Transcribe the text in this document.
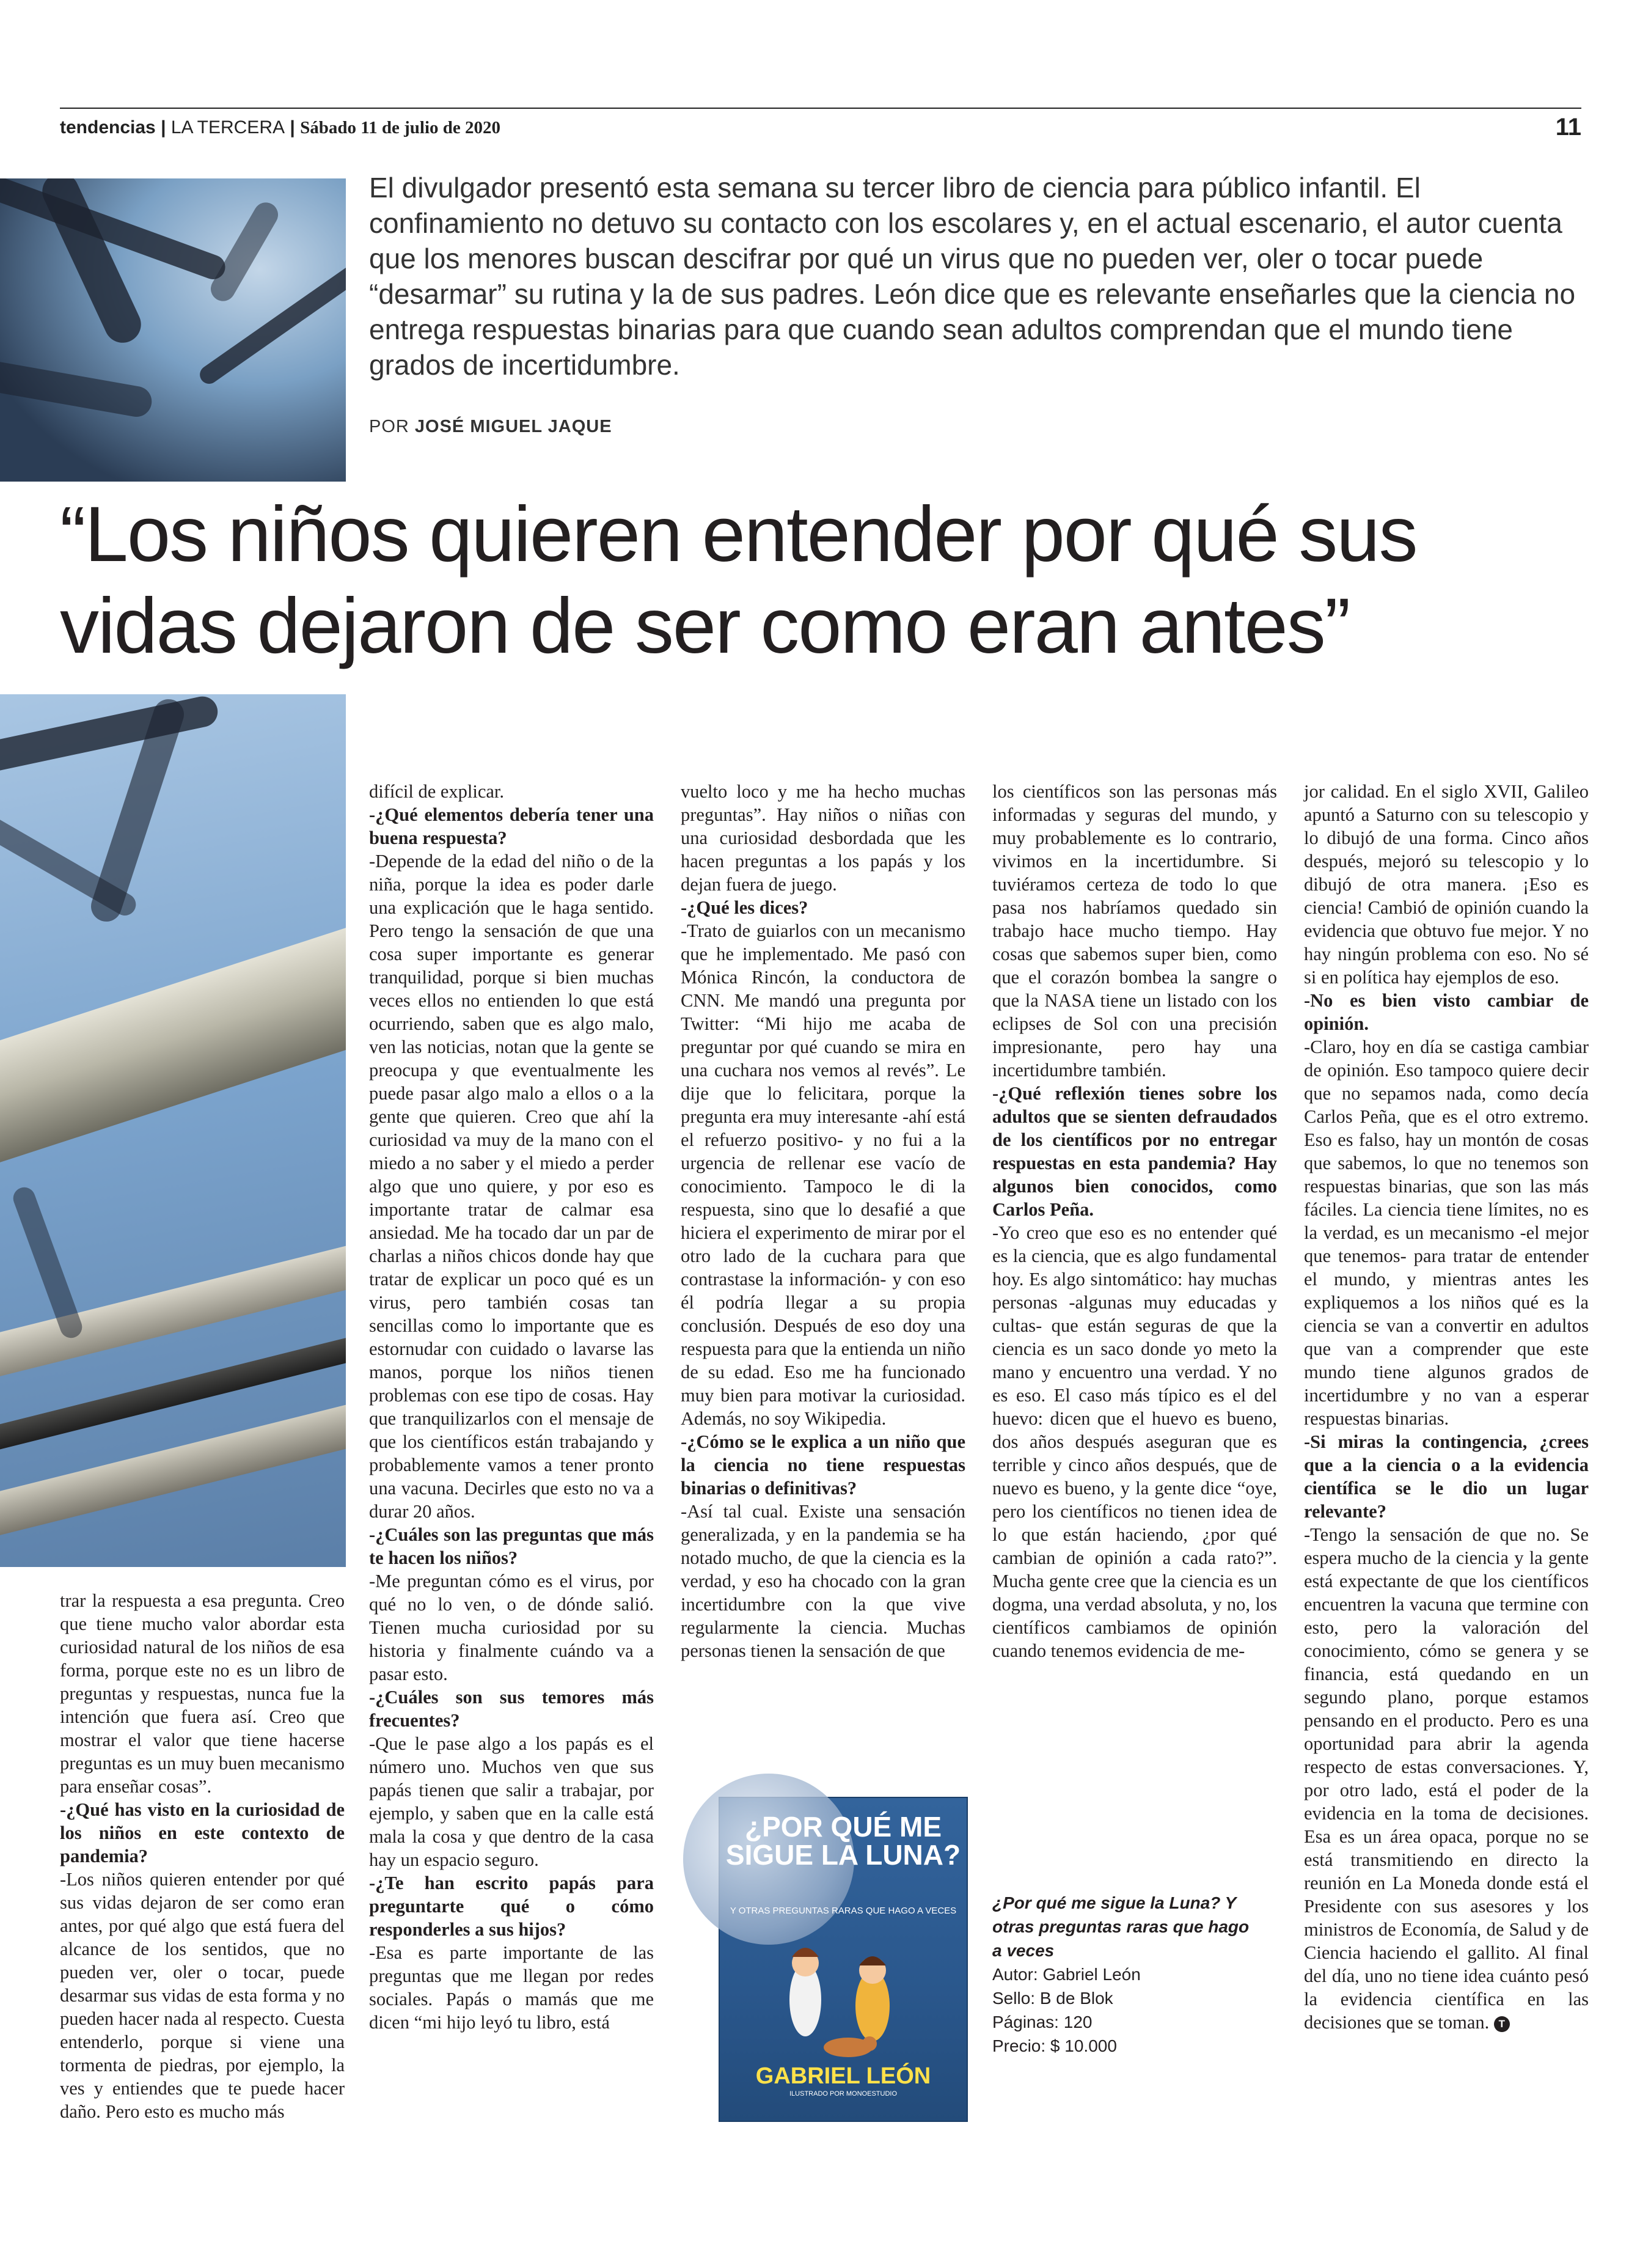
tendencias | LA TERCERA | Sábado 11 de julio de 2020	11
El divulgador presentó esta semana su tercer libro de ciencia para público infantil. El confinamiento no detuvo su contacto con los escolares y, en el actual escenario, el autor cuenta que los menores buscan descifrar por qué un virus que no pueden ver, oler o tocar puede “desarmar” su rutina y la de sus padres. León dice que es relevante enseñarles que la ciencia no entrega respuestas binarias para que cuando sean adultos comprendan que el mundo tiene grados de incertidumbre.
POR JOSÉ MIGUEL JAQUE
“Los niños quieren entender por qué sus vidas dejaron de ser como eran antes”

trar la respuesta a esa pregunta. Creo que tiene mucho valor abordar esta curiosidad natural de los niños de esa forma, porque este no es un libro de preguntas y respuestas, nunca fue la intención que fuera así. Creo que mostrar el valor que tiene hacerse preguntas es un muy buen mecanismo para enseñar cosas”.

-¿Qué has visto en la curiosidad de los niños en este contexto de pandemia?

-Los niños quieren entender por qué sus vidas dejaron de ser como eran antes, por qué algo que está fuera del alcance de los sentidos, que no pueden ver, oler o tocar, puede desarmar sus vidas de esta forma y no pueden hacer nada al respecto. Cuesta entenderlo, porque si viene una tormenta de piedras, por ejemplo, la ves y entiendes que te puede hacer daño. Pero esto es mucho más

difícil de explicar.

-¿Qué elementos debería tener una buena respuesta?

-Depende de la edad del niño o de la niña, porque la idea es poder darle una explicación que le haga sentido. Pero tengo la sensación de que una cosa super importante es generar tranquilidad, porque si bien muchas veces ellos no entienden lo que está ocurriendo, saben que es algo malo, ven las noticias, notan que la gente se preocupa y que eventualmente les puede pasar algo malo a ellos o a la gente que quieren. Creo que ahí la curiosidad va muy de la mano con el miedo a no saber y el miedo a perder algo que uno quiere, y por eso es importante tratar de calmar esa ansiedad. Me ha tocado dar un par de charlas a niños chicos donde hay que tratar de explicar un poco qué es un virus, pero también cosas tan sencillas como lo importante que es estornudar con cuidado o lavarse las manos, porque los niños tienen problemas con ese tipo de cosas. Hay que tranquilizarlos con el mensaje de que los científicos están trabajando y probablemente vamos a tener pronto una vacuna. Decirles que esto no va a durar 20 años.

-¿Cuáles son las preguntas que más te hacen los niños?

-Me preguntan cómo es el virus, por qué no lo ven, o de dónde salió. Tienen mucha curiosidad por su historia y finalmente cuándo va a pasar esto.

-¿Cuáles son sus temores más frecuentes?

-Que le pase algo a los papás es el número uno. Muchos ven que sus papás tienen que salir a trabajar, por ejemplo, y saben que en la calle está mala la cosa y que dentro de la casa hay un espacio seguro.

-¿Te han escrito papás para preguntarte qué o cómo responderles a sus hijos?

-Esa es parte importante de las preguntas que me llegan por redes sociales. Papás o mamás que me dicen “mi hijo leyó tu libro, está

vuelto loco y me ha hecho muchas preguntas”. Hay niños o niñas con una curiosidad desbordada que les hacen preguntas a los papás y los dejan fuera de juego.

-¿Qué les dices?

-Trato de guiarlos con un mecanismo que he implementado. Me pasó con Mónica Rincón, la conductora de CNN. Me mandó una pregunta por Twitter: “Mi hijo me acaba de preguntar por qué cuando se mira en una cuchara nos vemos al revés”. Le dije que lo felicitara, porque la pregunta era muy interesante -ahí está el refuerzo positivo- y no fui a la urgencia de rellenar ese vacío de conocimiento. Tampoco le di la respuesta, sino que lo desafié a que hiciera el experimento de mirar por el otro lado de la cuchara para que contrastase la información- y con eso él podría llegar a su propia conclusión. Después de eso doy una respuesta para que la entienda un niño de su edad. Eso me ha funcionado muy bien para motivar la curiosidad. Además, no soy Wikipedia.

-¿Cómo se le explica a un niño que la ciencia no tiene respuestas binarias o definitivas?

-Así tal cual. Existe una sensación generalizada, y en la pandemia se ha notado mucho, de que la ciencia es la verdad, y eso ha chocado con la gran incertidumbre con la que vive regularmente la ciencia. Muchas personas tienen la sensación de que

los científicos son las personas más informadas y seguras del mundo, y muy probablemente es lo contrario, vivimos en la incertidumbre. Si tuviéramos certeza de todo lo que pasa nos habríamos quedado sin trabajo hace mucho tiempo. Hay cosas que sabemos super bien, como que el corazón bombea la sangre o que la NASA tiene un listado con los eclipses de Sol con una precisión impresionante, pero hay una incertidumbre también.

-¿Qué reflexión tienes sobre los adultos que se sienten defraudados de los científicos por no entregar respuestas en esta pandemia? Hay algunos bien conocidos, como Carlos Peña.

-Yo creo que eso es no entender qué es la ciencia, que es algo fundamental hoy. Es algo sintomático: hay muchas personas -algunas muy educadas y cultas- que están seguras de que la ciencia es un saco donde yo meto la mano y encuentro una verdad. Y no es eso. El caso más típico es el del huevo: dicen que el huevo es bueno, dos años después aseguran que es terrible y cinco años después, que de nuevo es bueno, y la gente dice “oye, pero los científicos no tienen idea de lo que están haciendo, ¿por qué cambian de opinión a cada rato?”. Mucha gente cree que la ciencia es un dogma, una verdad absoluta, y no, los científicos cambiamos de opinión cuando tenemos evidencia de me-

jor calidad. En el siglo XVII, Galileo apuntó a Saturno con su telescopio y lo dibujó de una forma. Cinco años después, mejoró su telescopio y lo dibujó de otra manera. ¡Eso es ciencia! Cambió de opinión cuando la evidencia que obtuvo fue mejor. Y no hay ningún problema con eso. No sé si en política hay ejemplos de eso.

-No es bien visto cambiar de opinión.

-Claro, hoy en día se castiga cambiar de opinión. Eso tampoco quiere decir que no sepamos nada, como decía Carlos Peña, que es el otro extremo. Eso es falso, hay un montón de cosas que sabemos, lo que no tenemos son respuestas binarias, que son las más fáciles. La ciencia tiene límites, no es la verdad, es un mecanismo -el mejor que tenemos- para tratar de entender el mundo, y mientras antes les expliquemos a los niños qué es la ciencia se van a convertir en adultos que van a comprender que este mundo tiene algunos grados de incertidumbre y no van a esperar respuestas binarias.

-Si miras la contingencia, ¿crees que a la ciencia o a la evidencia científica se le dio un lugar relevante?

-Tengo la sensación de que no. Se espera mucho de la ciencia y la gente está expectante de que los científicos encuentren la vacuna que termine con esto, pero la valoración del conocimiento, cómo se genera y se financia, está quedando en un segundo plano, porque estamos pensando en el producto. Pero es una oportunidad para abrir la agenda respecto de estas conversaciones. Y, por otro lado, está el poder de la evidencia en la toma de decisiones. Esa es un área opaca, porque no se está transmitiendo en directo la reunión en La Moneda donde está el Presidente con sus asesores y los ministros de Economía, de Salud y de Ciencia haciendo el gallito. Al final del día, uno no tiene idea cuánto pesó la evidencia científica en las decisiones que se toman. T

¿POR QUÉ ME SIGUE LA LUNA?
Y OTRAS PREGUNTAS RARAS QUE HAGO A VECES
GABRIEL LEÓN
ILUSTRADO POR MONOESTUDIO
¿Por qué me sigue la Luna? Y otras preguntas raras que hago a veces
Autor: Gabriel León
Sello: B de Blok
Páginas: 120
Precio: $ 10.000
